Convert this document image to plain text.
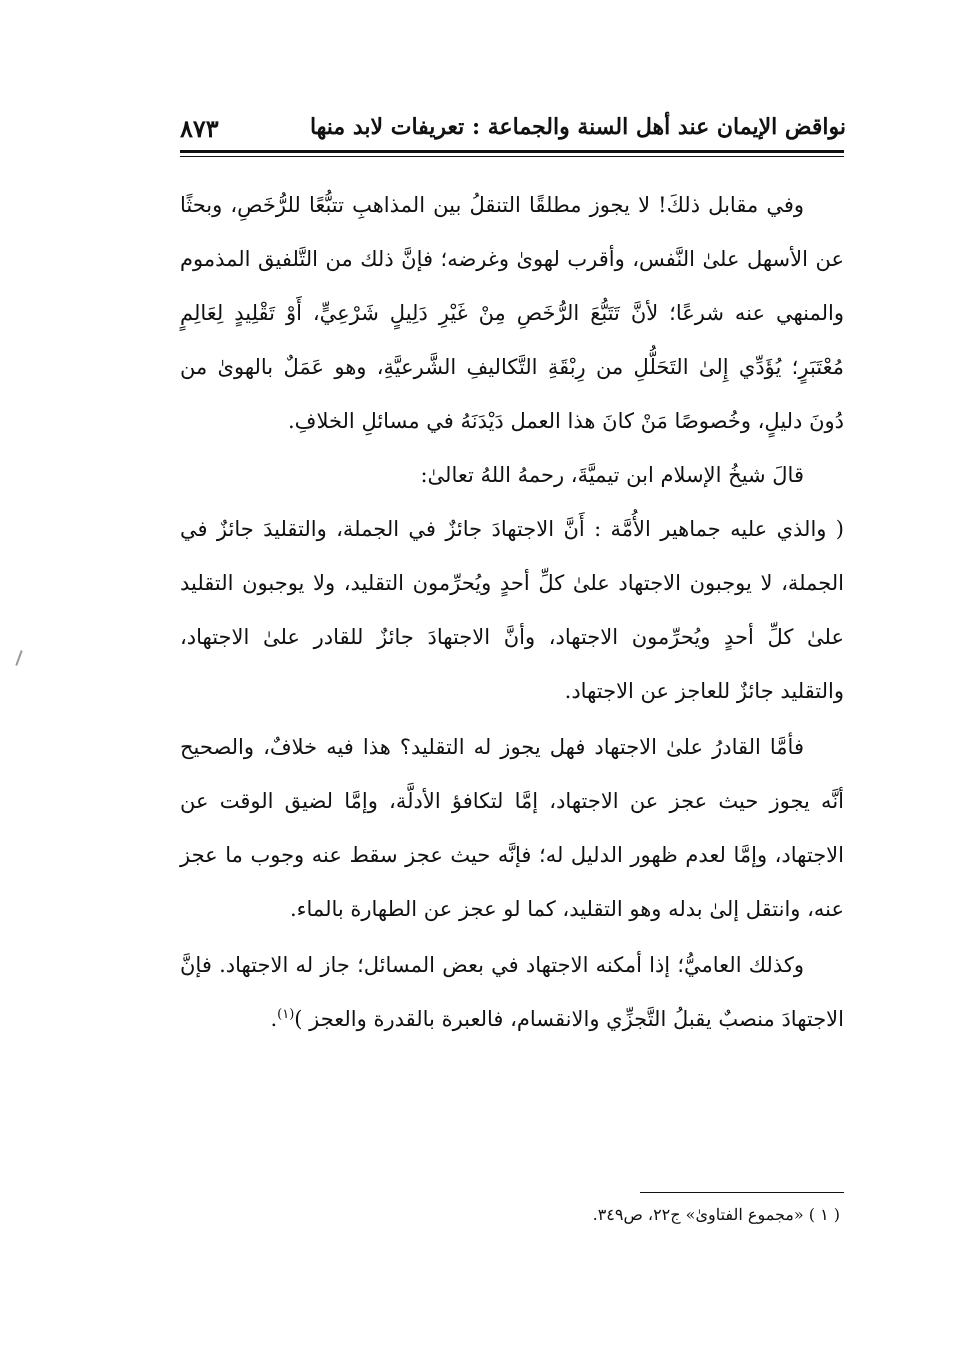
نواقض الإيمان عند أهل السنة والجماعة : تعريفات لابد منها
٨٧٣

وفي مقابل ذلكَ! لا يجوز مطلقًا التنقلُ بين المذاهبِ تتبُّعًا للرُّخَصِ، وبحثًا عن الأسهل علىٰ النَّفس، وأقرب لهوىٰ وغرضه؛ فإنَّ ذلك من التَّلفيق المذموم والمنهي عنه شرعًا؛ لأنَّ تَتَبُّعَ الرُّخَصِ مِنْ غَيْرِ دَلِيلٍ شَرْعِيٍّ، أَوْ تَقْلِيدٍ لِعَالِمٍ مُعْتَبَرٍ؛ يُؤَدِّي إِلىٰ التَحَلُّلِ من رِبْقَةِ التَّكاليفِ الشَّرعيَّةِ، وهو عَمَلٌ بالهوىٰ من دُونَ دليلٍ، وخُصوصًا مَنْ كانَ هذا العمل دَيْدَنَهُ في مسائلِ الخلافِ.

قالَ شيخُ الإسلام ابن تيميَّةَ، رحمهُ اللهُ تعالىٰ:

( والذي عليه جماهير الأُمَّة : أَنَّ الاجتهادَ جائزٌ في الجملة، والتقليدَ جائزٌ في الجملة، لا يوجبون الاجتهاد علىٰ كلِّ أحدٍ ويُحرِّمون التقليد، ولا يوجبون التقليد علىٰ كلِّ أحدٍ ويُحرِّمون الاجتهاد، وأنَّ الاجتهادَ جائزٌ للقادر علىٰ الاجتهاد، والتقليد جائزٌ للعاجز عن الاجتهاد.

فأمَّا القادرُ علىٰ الاجتهاد فهل يجوز له التقليد؟ هذا فيه خلافٌ، والصحيح أنَّه يجوز حيث عجز عن الاجتهاد، إمَّا لتكافؤ الأدلَّة، وإمَّا لضيق الوقت عن الاجتهاد، وإمَّا لعدم ظهور الدليل له؛ فإنَّه حيث عجز سقط عنه وجوب ما عجز عنه، وانتقل إلىٰ بدله وهو التقليد، كما لو عجز عن الطهارة بالماء.

وكذلك العاميُّ؛ إذا أمكنه الاجتهاد في بعض المسائل؛ جاز له الاجتهاد. فإنَّ الاجتهادَ منصبٌ يقبلُ التَّجزِّي والانقسام، فالعبرة بالقدرة والعجز )$^{(١)}$.

( ١ ) «مجموع الفتاوىٰ» ج٢٢، ص٣٤٩.
